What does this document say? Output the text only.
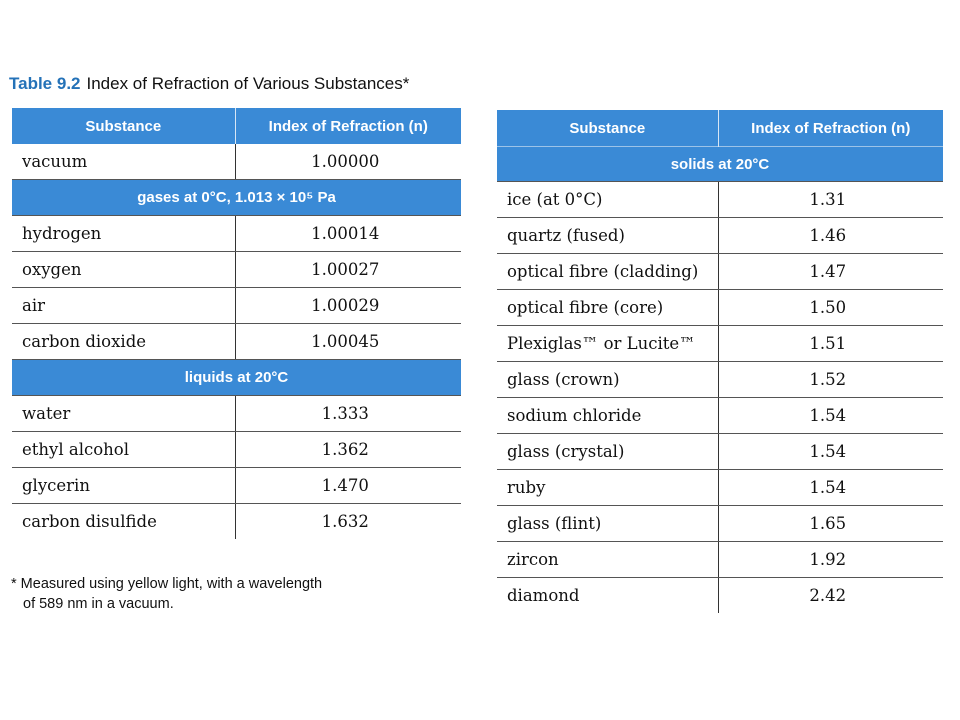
Table 9.2 Index of Refraction of Various Substances*
Substance	Index of Refraction (n)
vacuum	1.00000
gases at 0°C, 1.013 × 10⁵ Pa	
hydrogen	1.00014
oxygen	1.00027
air	1.00029
carbon dioxide	1.00045
liquids at 20°C	
water	1.333
ethyl alcohol	1.362
glycerin	1.470
carbon disulfide	1.632
Substance	Index of Refraction (n)
solids at 20°C	
ice (at 0°C)	1.31
quartz (fused)	1.46
optical fibre (cladding)	1.47
optical fibre (core)	1.50
Plexiglas™ or Lucite™	1.51
glass (crown)	1.52
sodium chloride	1.54
glass (crystal)	1.54
ruby	1.54
glass (flint)	1.65
zircon	1.92
diamond	2.42

* Measured using yellow light, with a wavelength
of 589 nm in a vacuum.
